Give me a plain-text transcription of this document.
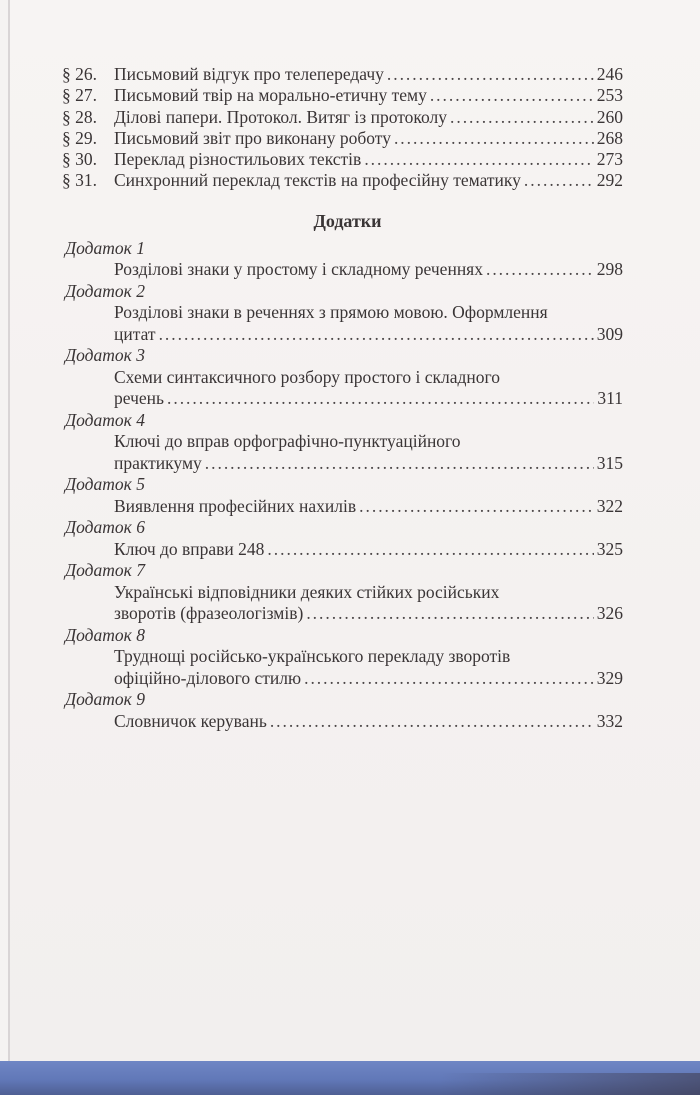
§ 26. Письмовий відгук про телепередачу . . .	246
§ 27. Письмовий твір на морально-етичну тему . . .	253
§ 28. Ділові папери. Протокол. Витяг із протоколу . . .	260
§ 29. Письмовий звіт про виконану роботу . . .	268
§ 30. Переклад різностильових текстів . . .	273
§ 31. Синхронний переклад текстів на професійну тематику . . .	292
Додатки
Додаток 1
Розділові знаки у простому і складному реченнях . . .	298
Додаток 2
Розділові знаки в реченнях з прямою мовою. Оформлення
цитат . . .	309
Додаток 3
Схеми синтаксичного розбору простого і складного
речень . . .	311
Додаток 4
Ключі до вправ орфографічно-пунктуаційного
практикуму . . .	315
Додаток 5
Виявлення професійних нахилів . . .	322
Додаток 6
Ключ до вправи 248 . . .	325
Додаток 7
Українські відповідники деяких стійких російських
зворотів (фразеологізмів) . . .	326
Додаток 8
Труднощі російсько-українського перекладу зворотів
офіційно-ділового стилю . . .	329
Додаток 9
Словничок керувань . . .	332
